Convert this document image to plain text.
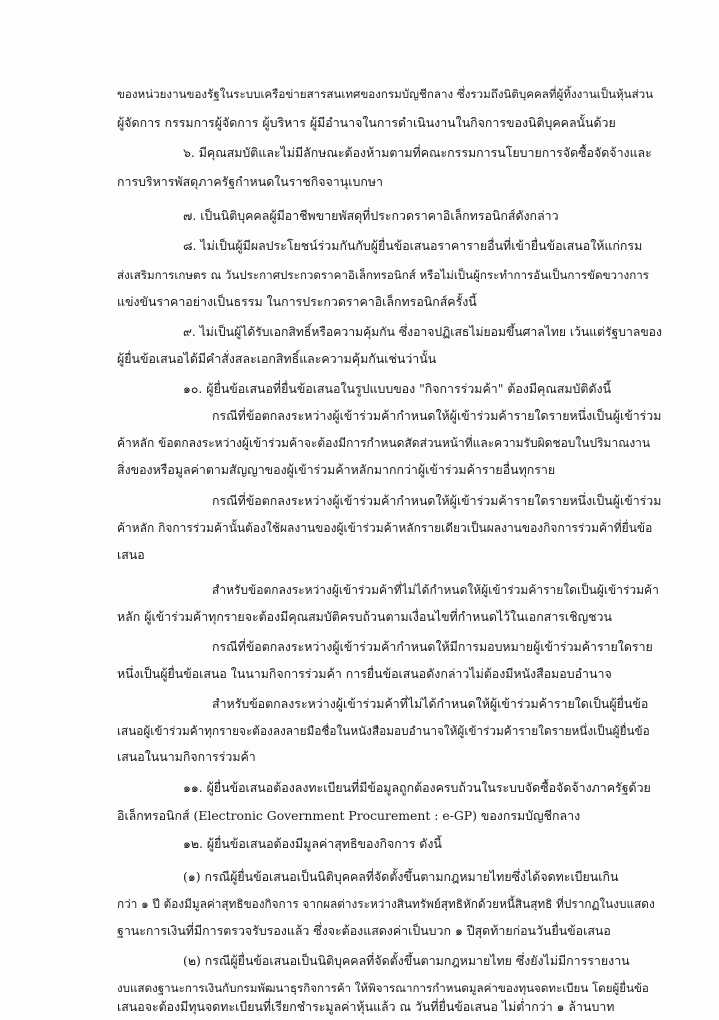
ของหน่วยงานของรัฐในระบบเครือข่ายสารสนเทศของกรมบัญชีกลาง ซึ่งรวมถึงนิติบุคคลที่ผู้ทิ้งงานเป็นหุ้นส่วน
ผู้จัดการ กรรมการผู้จัดการ ผู้บริหาร ผู้มีอำนาจในการดำเนินงานในกิจการของนิติบุคคลนั้นด้วย
๖. มีคุณสมบัติและไม่มีลักษณะต้องห้ามตามที่คณะกรรมการนโยบายการจัดซื้อจัดจ้างและ
การบริหารพัสดุภาครัฐกำหนดในราชกิจจานุเบกษา
๗. เป็นนิติบุคคลผู้มีอาชีพขายพัสดุที่ประกวดราคาอิเล็กทรอนิกส์ดังกล่าว
๘. ไม่เป็นผู้มีผลประโยชน์ร่วมกันกับผู้ยื่นข้อเสนอราคารายอื่นที่เข้ายื่นข้อเสนอให้แก่กรม
ส่งเสริมการเกษตร ณ วันประกาศประกวดราคาอิเล็กทรอนิกส์ หรือไม่เป็นผู้กระทำการอันเป็นการขัดขวางการ
แข่งขันราคาอย่างเป็นธรรม ในการประกวดราคาอิเล็กทรอนิกส์ครั้งนี้
๙. ไม่เป็นผู้ได้รับเอกสิทธิ์หรือความคุ้มกัน ซึ่งอาจปฏิเสธไม่ยอมขึ้นศาลไทย เว้นแต่รัฐบาลของ
ผู้ยื่นข้อเสนอได้มีคำสั่งสละเอกสิทธิ์และความคุ้มกันเช่นว่านั้น
๑๐. ผู้ยื่นข้อเสนอที่ยื่นข้อเสนอในรูปแบบของ "กิจการร่วมค้า" ต้องมีคุณสมบัติดังนี้
กรณีที่ข้อตกลงระหว่างผู้เข้าร่วมค้ากำหนดให้ผู้เข้าร่วมค้ารายใดรายหนึ่งเป็นผู้เข้าร่วม
ค้าหลัก ข้อตกลงระหว่างผู้เข้าร่วมค้าจะต้องมีการกำหนดสัดส่วนหน้าที่และความรับผิดชอบในปริมาณงาน
สิ่งของหรือมูลค่าตามสัญญาของผู้เข้าร่วมค้าหลักมากกว่าผู้เข้าร่วมค้ารายอื่นทุกราย
กรณีที่ข้อตกลงระหว่างผู้เข้าร่วมค้ากำหนดให้ผู้เข้าร่วมค้ารายใดรายหนึ่งเป็นผู้เข้าร่วม
ค้าหลัก กิจการร่วมค้านั้นต้องใช้ผลงานของผู้เข้าร่วมค้าหลักรายเดียวเป็นผลงานของกิจการร่วมค้าที่ยื่นข้อ
เสนอ
สำหรับข้อตกลงระหว่างผู้เข้าร่วมค้าที่ไม่ได้กำหนดให้ผู้เข้าร่วมค้ารายใดเป็นผู้เข้าร่วมค้า
หลัก ผู้เข้าร่วมค้าทุกรายจะต้องมีคุณสมบัติครบถ้วนตามเงื่อนไขที่กำหนดไว้ในเอกสารเชิญชวน
กรณีที่ข้อตกลงระหว่างผู้เข้าร่วมค้ากำหนดให้มีการมอบหมายผู้เข้าร่วมค้ารายใดราย
หนึ่งเป็นผู้ยื่นข้อเสนอ ในนามกิจการร่วมค้า การยื่นข้อเสนอดังกล่าวไม่ต้องมีหนังสือมอบอำนาจ
สำหรับข้อตกลงระหว่างผู้เข้าร่วมค้าที่ไม่ได้กำหนดให้ผู้เข้าร่วมค้ารายใดเป็นผู้ยื่นข้อ
เสนอผู้เข้าร่วมค้าทุกรายจะต้องลงลายมือชื่อในหนังสือมอบอำนาจให้ผู้เข้าร่วมค้ารายใดรายหนึ่งเป็นผู้ยื่นข้อ
เสนอในนามกิจการร่วมค้า
๑๑. ผู้ยื่นข้อเสนอต้องลงทะเบียนที่มีข้อมูลถูกต้องครบถ้วนในระบบจัดซื้อจัดจ้างภาครัฐด้วย
อิเล็กทรอนิกส์ (Electronic Government Procurement : e-GP) ของกรมบัญชีกลาง
๑๒. ผู้ยื่นข้อเสนอต้องมีมูลค่าสุทธิของกิจการ ดังนี้
(๑) กรณีผู้ยื่นข้อเสนอเป็นนิติบุคคลที่จัดตั้งขึ้นตามกฎหมายไทยซึ่งได้จดทะเบียนเกิน
กว่า ๑ ปี ต้องมีมูลค่าสุทธิของกิจการ จากผลต่างระหว่างสินทรัพย์สุทธิหักด้วยหนี้สินสุทธิ ที่ปรากฏในงบแสดง
ฐานะการเงินที่มีการตรวจรับรองแล้ว ซึ่งจะต้องแสดงค่าเป็นบวก ๑ ปีสุดท้ายก่อนวันยื่นข้อเสนอ
(๒) กรณีผู้ยื่นข้อเสนอเป็นนิติบุคคลที่จัดตั้งขึ้นตามกฎหมายไทย ซึ่งยังไม่มีการรายงาน
งบแสดงฐานะการเงินกับกรมพัฒนาธุรกิจการค้า ให้พิจารณาการกำหนดมูลค่าของทุนจดทะเบียน โดยผู้ยื่นข้อ
เสนอจะต้องมีทุนจดทะเบียนที่เรียกชำระมูลค่าหุ้นแล้ว ณ วันที่ยื่นข้อเสนอ ไม่ต่ำกว่า ๑ ล้านบาท
